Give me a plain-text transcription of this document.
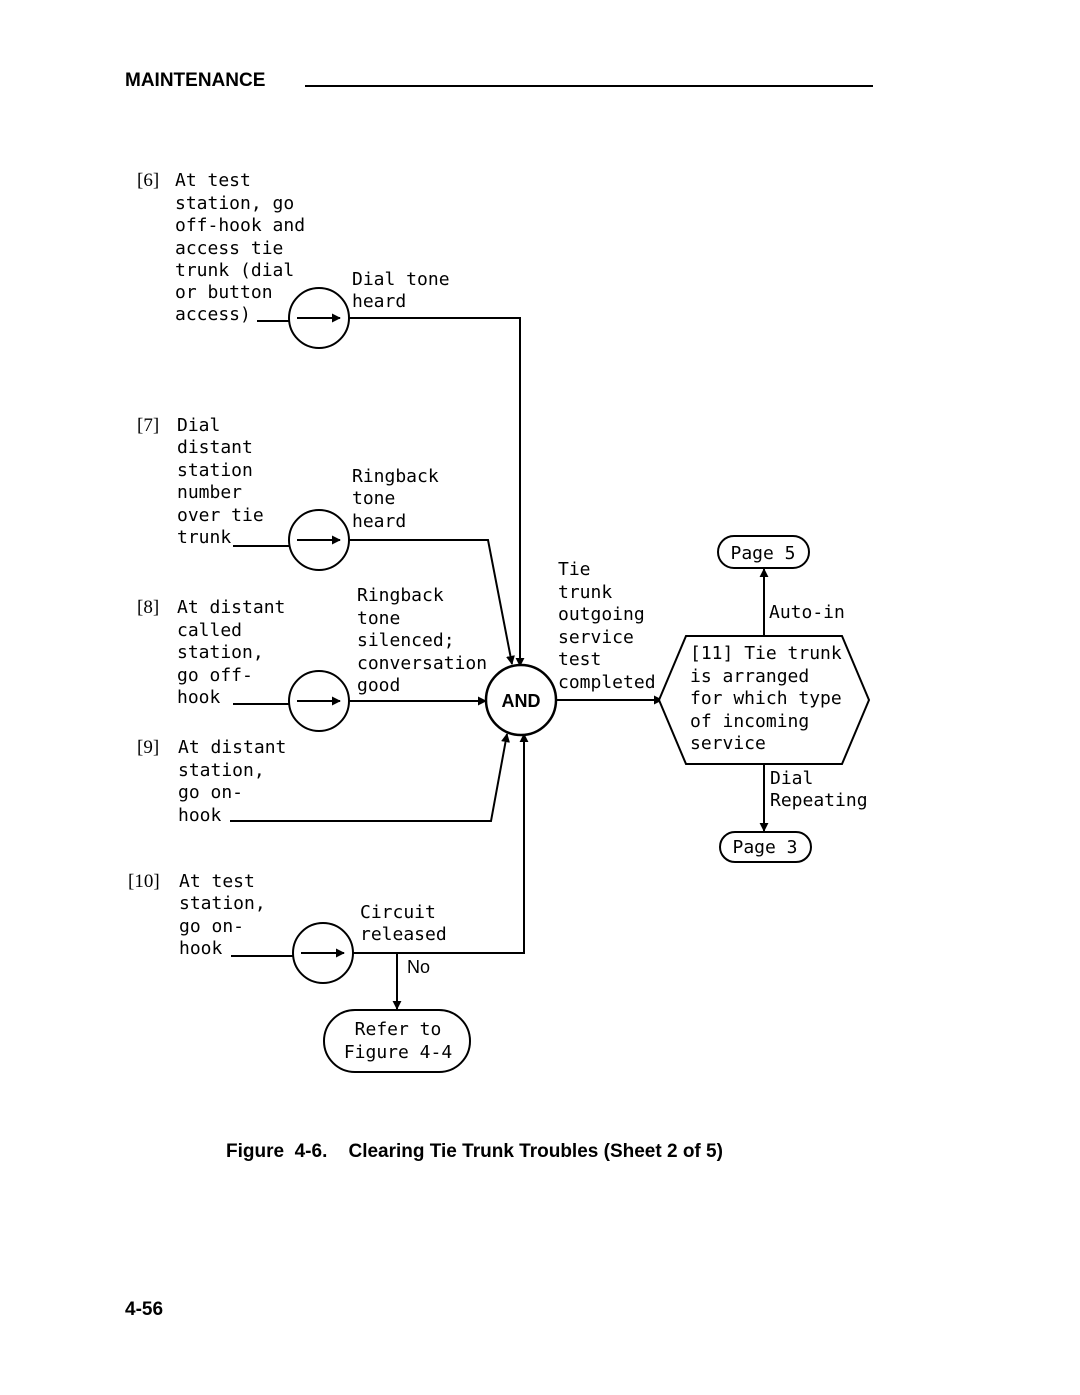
MAINTENANCE
[6]
[7]
[8]
[9]
[10]
At test
station, go
off-hook and
access tie
trunk (dial
or button
access)
Dial tone
heard
Dial
distant
station
number
over tie
trunk
Ringback
tone
heard
At distant
called
station,
go off-
hook
Ringback
tone
silenced;
conversation
good
At distant
station,
go on-
hook
At test
station,
go on-
hook
Circuit
released
AND
Tie
trunk
outgoing
service
test
completed
[11] Tie trunk
is arranged
for which type
of incoming
service
Auto-in
Dial
Repeating
Page 5
Page 3
No
Refer to
Figure 4-4
Figure  4-6.    Clearing Tie Trunk Troubles (Sheet 2 of 5)
4-56
